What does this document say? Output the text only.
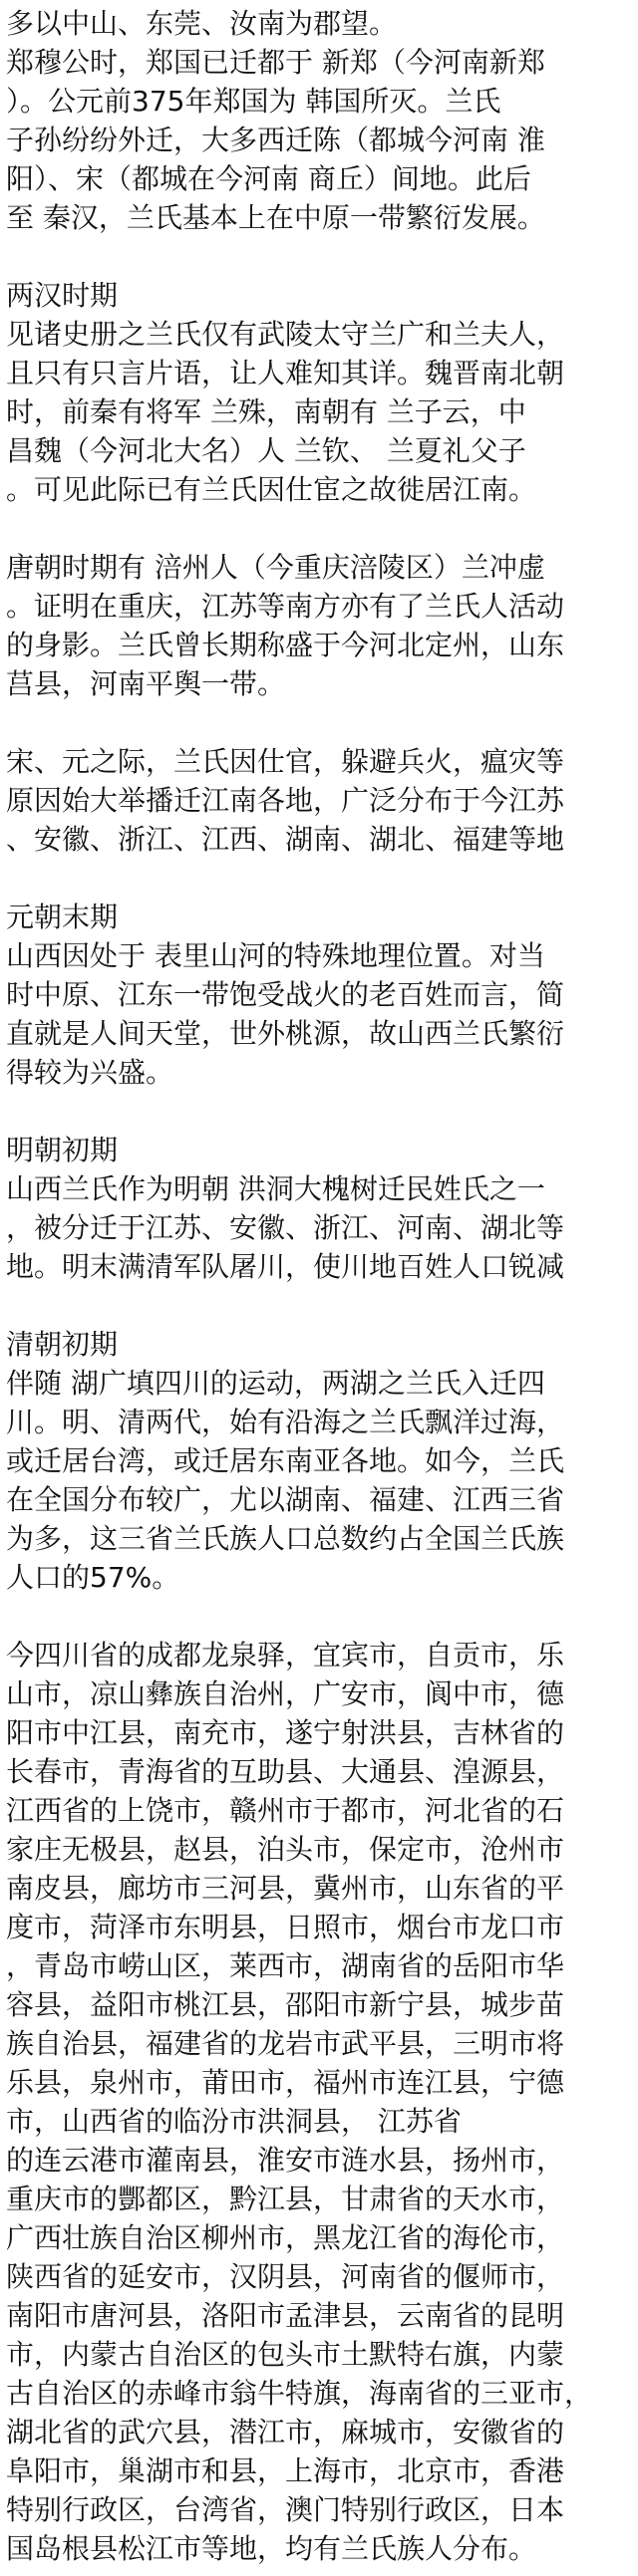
多以中山、东莞、汝南为郡望。
郑穆公时，郑国已迁都于 新郑（今河南新郑
）。公元前375年郑国为 韩国所灭。兰氏
子孙纷纷外迁，大多西迁陈（都城今河南 淮
阳）、宋（都城在今河南 商丘）间地。此后
至 秦汉，兰氏基本上在中原一带繁衍发展。
两汉时期
见诸史册之兰氏仅有武陵太守兰广和兰夫人，
且只有只言片语，让人难知其详。魏晋南北朝
时，前秦有将军 兰殊，南朝有 兰子云，中
昌魏（今河北大名）人 兰钦、 兰夏礼父子
。可见此际已有兰氏因仕宦之故徙居江南。
唐朝时期有 涪州人（今重庆涪陵区）兰冲虚
。证明在重庆，江苏等南方亦有了兰氏人活动
的身影。兰氏曾长期称盛于今河北定州，山东
莒县，河南平舆一带。
宋、元之际，兰氏因仕官，躲避兵火，瘟灾等
原因始大举播迁江南各地，广泛分布于今江苏
、安徽、浙江、江西、湖南、湖北、福建等地
元朝末期
山西因处于 表里山河的特殊地理位置。对当
时中原、江东一带饱受战火的老百姓而言，简
直就是人间天堂，世外桃源，故山西兰氏繁衍
得较为兴盛。
明朝初期
山西兰氏作为明朝 洪洞大槐树迁民姓氏之一
，被分迁于江苏、安徽、浙江、河南、湖北等
地。明末满清军队屠川，使川地百姓人口锐减
清朝初期
伴随 湖广填四川的运动，两湖之兰氏入迁四
川。明、清两代，始有沿海之兰氏飘洋过海，
或迁居台湾，或迁居东南亚各地。如今，兰氏
在全国分布较广，尤以湖南、福建、江西三省
为多，这三省兰氏族人口总数约占全国兰氏族
人口的57%。
今四川省的成都龙泉驿，宜宾市，自贡市，乐
山市，凉山彝族自治州，广安市，阆中市，德
阳市中江县，南充市，遂宁射洪县，吉林省的
长春市，青海省的互助县、大通县、湟源县，
江西省的上饶市，赣州市于都市，河北省的石
家庄无极县，赵县，泊头市，保定市，沧州市
南皮县，廊坊市三河县，冀州市，山东省的平
度市，菏泽市东明县，日照市，烟台市龙口市
，青岛市崂山区，莱西市，湖南省的岳阳市华
容县，益阳市桃江县，邵阳市新宁县，城步苗
族自治县，福建省的龙岩市武平县，三明市将
乐县，泉州市，莆田市，福州市连江县，宁德
市，山西省的临汾市洪洞县， 江苏省
的连云港市灌南县，淮安市涟水县，扬州市，
重庆市的酆都区，黔江县，甘肃省的天水市，
广西壮族自治区柳州市，黑龙江省的海伦市，
陕西省的延安市，汉阴县，河南省的偃师市，
南阳市唐河县，洛阳市孟津县，云南省的昆明
市，内蒙古自治区的包头市土默特右旗，内蒙
古自治区的赤峰市翁牛特旗，海南省的三亚市，
湖北省的武穴县，潜江市，麻城市，安徽省的
阜阳市，巢湖市和县，上海市，北京市，香港
特别行政区，台湾省，澳门特别行政区，日本
国岛根县松江市等地，均有兰氏族人分布。
